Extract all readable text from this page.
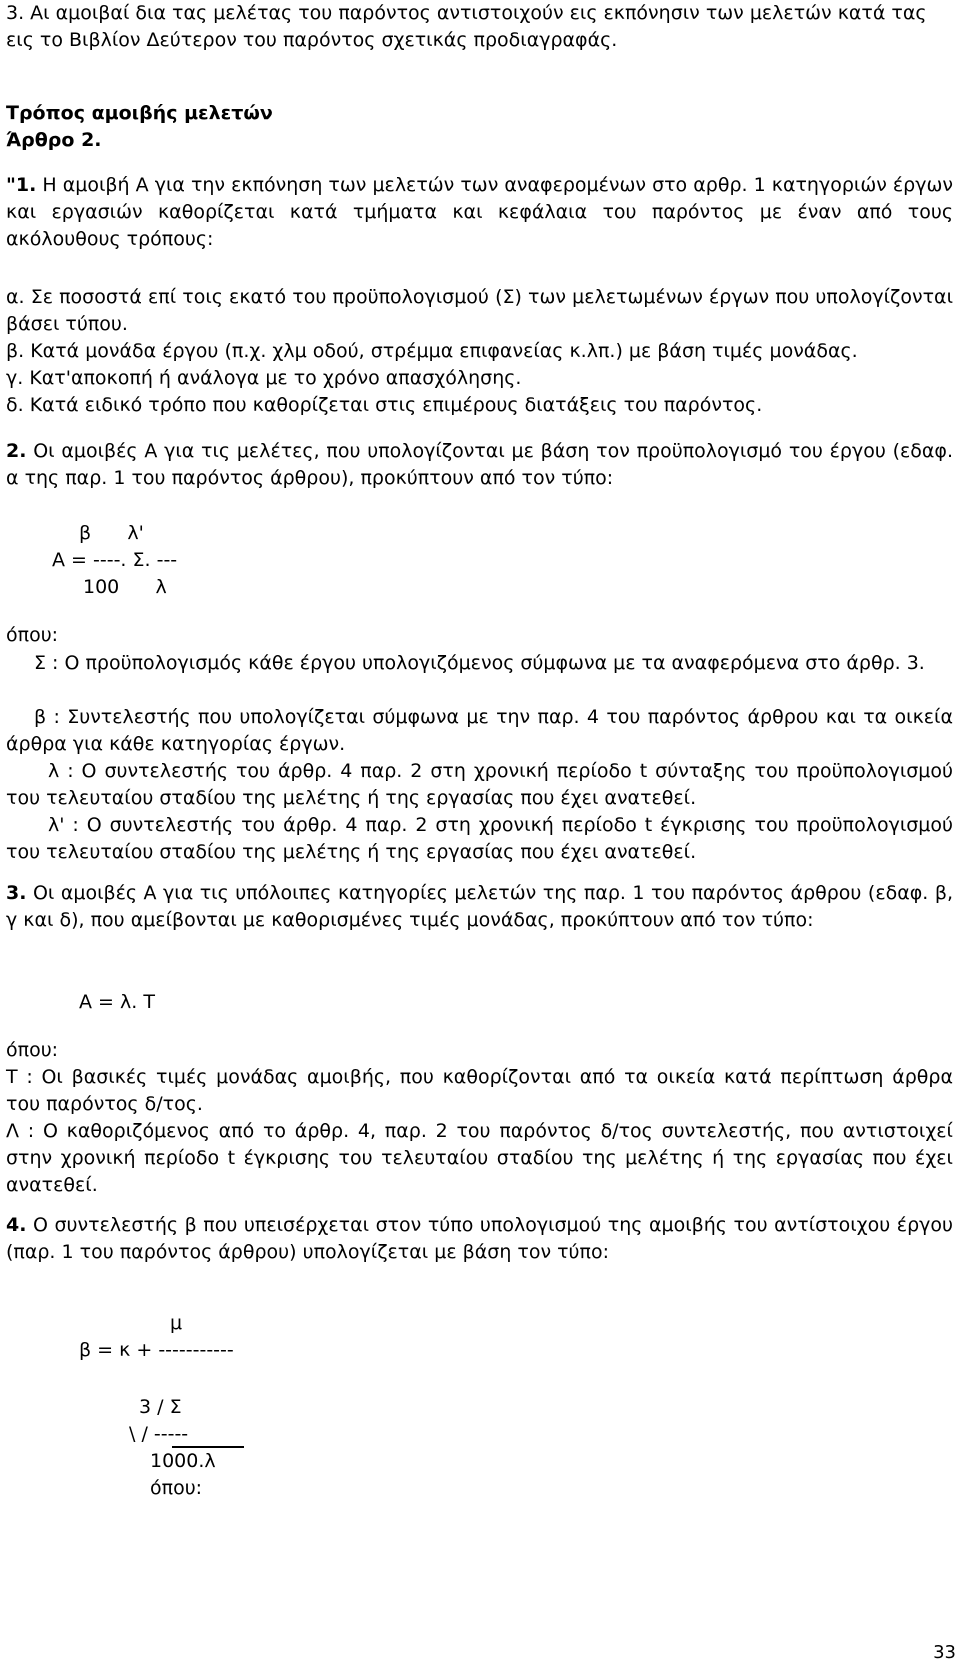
3. Αι αμοιβαί δια τας μελέτας του παρόντος αντιστοιχούν εις εκπόνησιν των μελετών κατά τας

εις το Βιβλίον Δεύτερον του παρόντος σχετικάς προδιαγραφάς.

Τρόπος αμοιβής μελετών

Άρθρο 2.

"1. Η αμοιβή Α για την εκπόνηση των μελετών των αναφερομένων στο αρθρ. 1 κατηγοριών έργων και εργασιών καθορίζεται κατά τμήματα και κεφάλαια του παρόντος με έναν από τους ακόλουθους τρόπους:

α. Σε ποσοστά επί τοις εκατό του προϋπολογισμού (Σ) των μελετωμένων έργων που υπολογίζονται βάσει τύπου.

β. Κατά μονάδα έργου (π.χ. χλμ οδού, στρέμμα επιφανείας κ.λπ.) με βάση τιμές μονάδας.

γ. Κατ'αποκοπή ή ανάλογα με το χρόνο απασχόλησης.

δ. Κατά ειδικό τρόπο που καθορίζεται στις επιμέρους διατάξεις του παρόντος.

2. Οι αμοιβές Α για τις μελέτες, που υπολογίζονται με βάση τον προϋπολογισμό του έργου (εδαφ. α της παρ. 1 του παρόντος άρθρου), προκύπτουν από τον τύπο:

β      λ'

Α = ----. Σ. ---

100      λ

όπου:

Σ : Ο προϋπολογισμός κάθε έργου υπολογιζόμενος σύμφωνα με τα αναφερόμενα στο άρθρ. 3.

β : Συντελεστής που υπολογίζεται σύμφωνα με την παρ. 4 του παρόντος άρθρου και τα οικεία άρθρα για κάθε κατηγορίας έργων.

λ : Ο συντελεστής του άρθρ. 4 παρ. 2 στη χρονική περίοδο t σύνταξης του προϋπολογισμού του τελευταίου σταδίου της μελέτης ή της εργασίας που έχει ανατεθεί.

λ' : Ο συντελεστής του άρθρ. 4 παρ. 2 στη χρονική περίοδο t έγκρισης του προϋπολογισμού του τελευταίου σταδίου της μελέτης ή της εργασίας που έχει ανατεθεί.

3. Οι αμοιβές Α για τις υπόλοιπες κατηγορίες μελετών της παρ. 1 του παρόντος άρθρου (εδαφ. β, γ και δ), που αμείβονται με καθορισμένες τιμές μονάδας, προκύπτουν από τον τύπο:

Α = λ. Τ

όπου:

Τ : Οι βασικές τιμές μονάδας αμοιβής, που καθορίζονται από τα οικεία κατά περίπτωση άρθρα του παρόντος δ/τος.

Λ : Ο καθοριζόμενος από το άρθρ. 4, παρ. 2 του παρόντος δ/τος συντελεστής, που αντιστοιχεί στην χρονική περίοδο t έγκρισης του τελευταίου σταδίου της μελέτης ή της εργασίας που έχει ανατεθεί.

4. Ο συντελεστής β που υπεισέρχεται στον τύπο υπολογισμού της αμοιβής του αντίστοιχου έργου (παρ. 1 του παρόντος άρθρου) υπολογίζεται με βάση τον τύπο:

μ

β = κ + -----------

3 / Σ

\ / -----

1000.λ

όπου:

33
